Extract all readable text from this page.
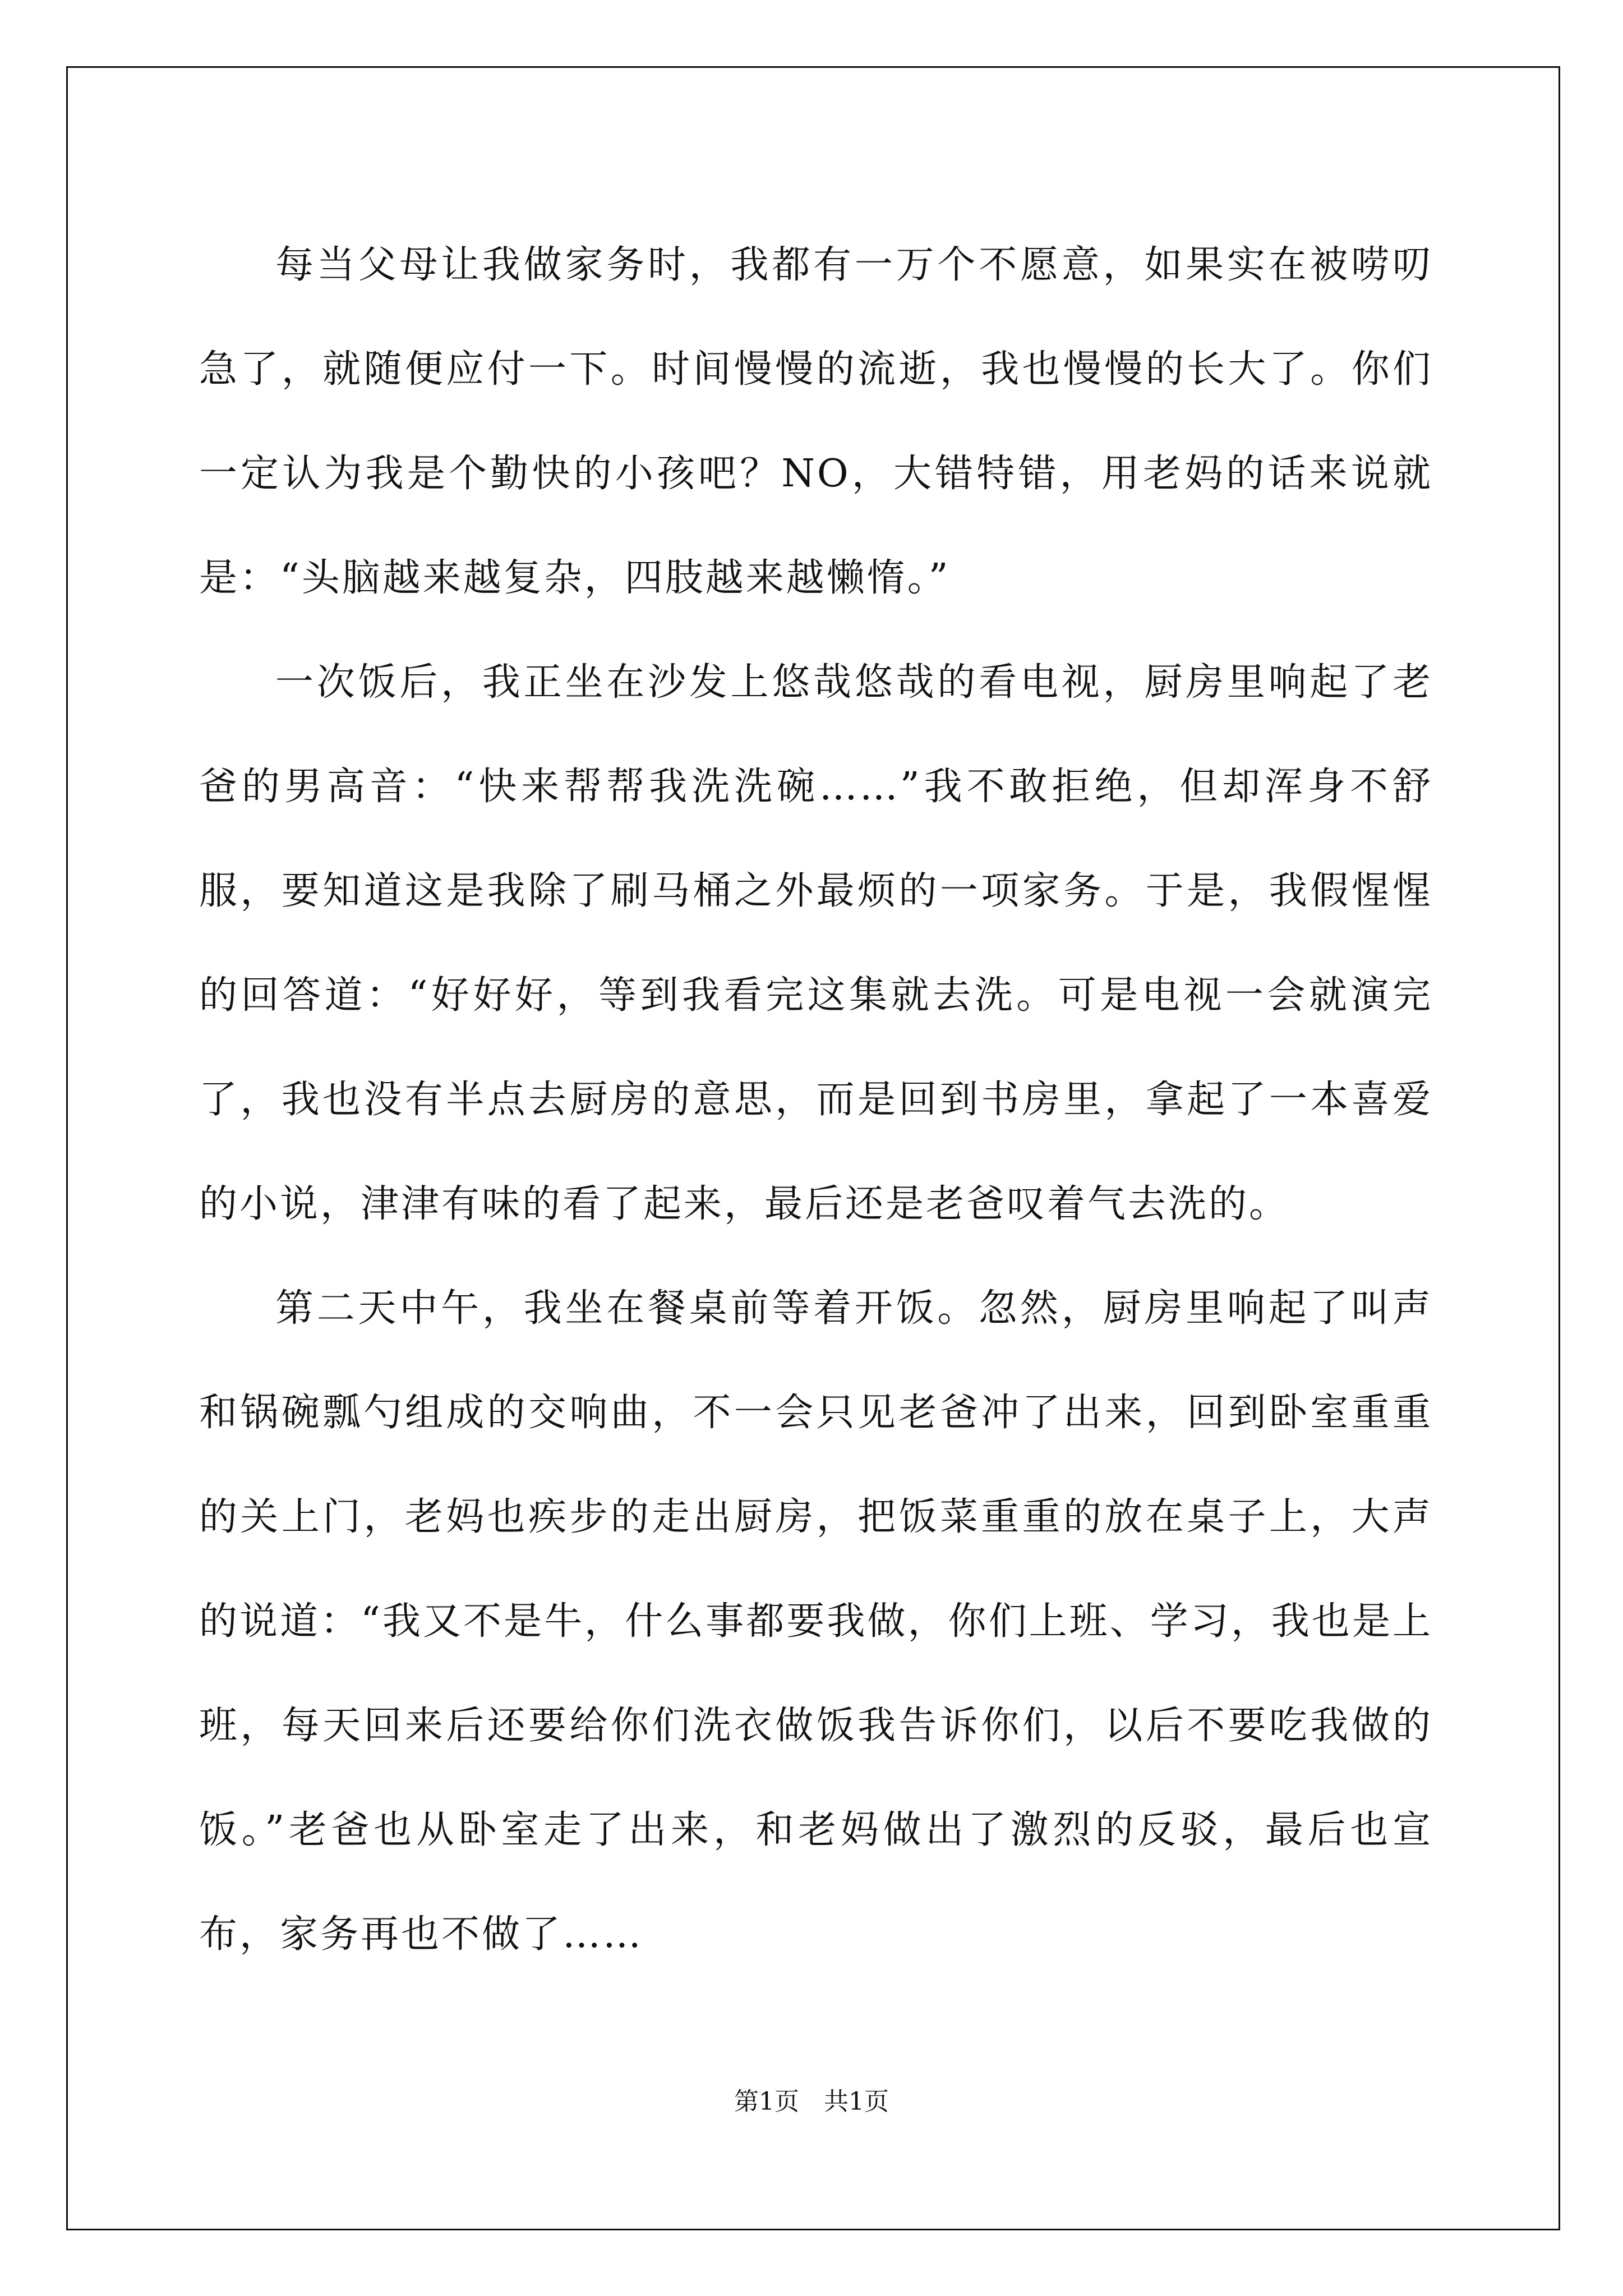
每当父母让我做家务时，我都有一万个不愿意，如果实在被唠叨急了，就随便应付一下。时间慢慢的流逝，我也慢慢的长大了。你们一定认为我是个勤快的小孩吧？NO，大错特错，用老妈的话来说就是：“头脑越来越复杂，四肢越来越懒惰。”

一次饭后，我正坐在沙发上悠哉悠哉的看电视，厨房里响起了老爸的男高音：“快来帮帮我洗洗碗……”我不敢拒绝，但却浑身不舒服，要知道这是我除了刷马桶之外最烦的一项家务。于是，我假惺惺的回答道：“好好好，等到我看完这集就去洗。可是电视一会就演完了，我也没有半点去厨房的意思，而是回到书房里，拿起了一本喜爱的小说，津津有味的看了起来，最后还是老爸叹着气去洗的。

第二天中午，我坐在餐桌前等着开饭。忽然，厨房里响起了叫声和锅碗瓢勺组成的交响曲，不一会只见老爸冲了出来，回到卧室重重的关上门，老妈也疾步的走出厨房，把饭菜重重的放在桌子上，大声的说道：“我又不是牛，什么事都要我做，你们上班、学习，我也是上班，每天回来后还要给你们洗衣做饭我告诉你们，以后不要吃我做的饭。”老爸也从卧室走了出来，和老妈做出了激烈的反驳，最后也宣布，家务再也不做了……

第1页 共1页
